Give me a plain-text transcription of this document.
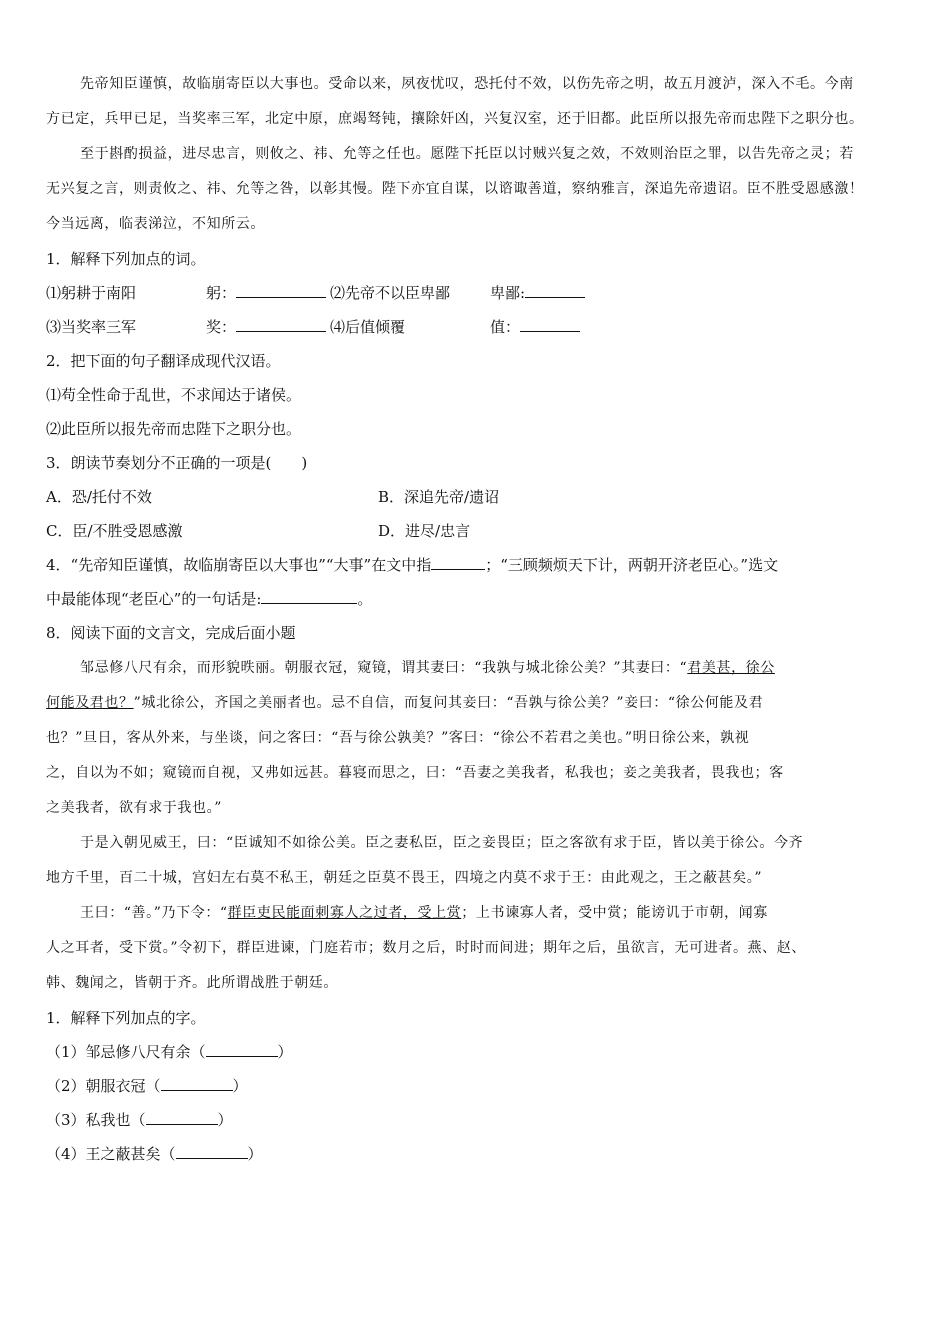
先帝知臣谨慎，故临崩寄臣以大事也。受命以来，夙夜忧叹，恐托付不效，以伤先帝之明，故五月渡泸，深入不毛。今南
方已定，兵甲已足，当奖率三军，北定中原，庶竭驽钝，攘除奸凶，兴复汉室，还于旧都。此臣所以报先帝而忠陛下之职分也。
至于斟酌损益，进尽忠言，则攸之、祎、允等之任也。愿陛下托臣以讨贼兴复之效，不效则治臣之罪，以告先帝之灵；若
无兴复之言，则责攸之、祎、允等之咎，以彰其慢。陛下亦宜自谋，以谘诹善道，察纳雅言，深追先帝遗诏。臣不胜受恩感激！
今当远离，临表涕泣，不知所云。
1．解释下列加点的词。
⑴躬耕于南阳	躬：	⑵先帝不以臣卑鄙	卑鄙:
⑶当奖率三军	奖：	⑷后值倾覆	值：
2．把下面的句子翻译成现代汉语。
⑴苟全性命于乱世，不求闻达于诸侯。
⑵此臣所以报先帝而忠陛下之职分也。
3．朗读节奏划分不正确的一项是(　　)
A．恐/托付不效	B．深追先帝/遗诏
C．臣/不胜受恩感激	D．进尽/忠言
4．“先帝知臣谨慎，故临崩寄臣以大事也”“大事”在文中指	；“三顾频烦天下计，两朝开济老臣心。”选文
中最能体现“老臣心”的一句话是:	。
8．阅读下面的文言文，完成后面小题
邹忌修八尺有余，而形貌昳丽。朝服衣冠，窥镜，谓其妻曰：“我孰与城北徐公美？”其妻曰：“君美甚，徐公
何能及君也？”城北徐公，齐国之美丽者也。忌不自信，而复问其妾曰：“吾孰与徐公美？”妾曰：“徐公何能及君
也？”旦日，客从外来，与坐谈，问之客曰：“吾与徐公孰美？”客曰：“徐公不若君之美也。”明日徐公来，孰视
之，自以为不如；窥镜而自视，又弗如远甚。暮寝而思之，曰：“吾妻之美我者，私我也；妾之美我者，畏我也；客
之美我者，欲有求于我也。”
于是入朝见威王，曰：“臣诚知不如徐公美。臣之妻私臣，臣之妾畏臣；臣之客欲有求于臣，皆以美于徐公。今齐
地方千里，百二十城，宫妇左右莫不私王，朝廷之臣莫不畏王，四境之内莫不求于王：由此观之，王之蔽甚矣。”
王曰：“善。”乃下令：“群臣吏民能面刺寡人之过者，受上赏；上书谏寡人者，受中赏；能谤讥于市朝，闻寡
人之耳者，受下赏。”令初下，群臣进谏，门庭若市；数月之后，时时而间进；期年之后，虽欲言，无可进者。燕、赵、
韩、魏闻之，皆朝于齐。此所谓战胜于朝廷。
1．解释下列加点的字。
（1）邹忌修八尺有余（	）
（2）朝服衣冠（	）
（3）私我也（	）
（4）王之蔽甚矣（	）
